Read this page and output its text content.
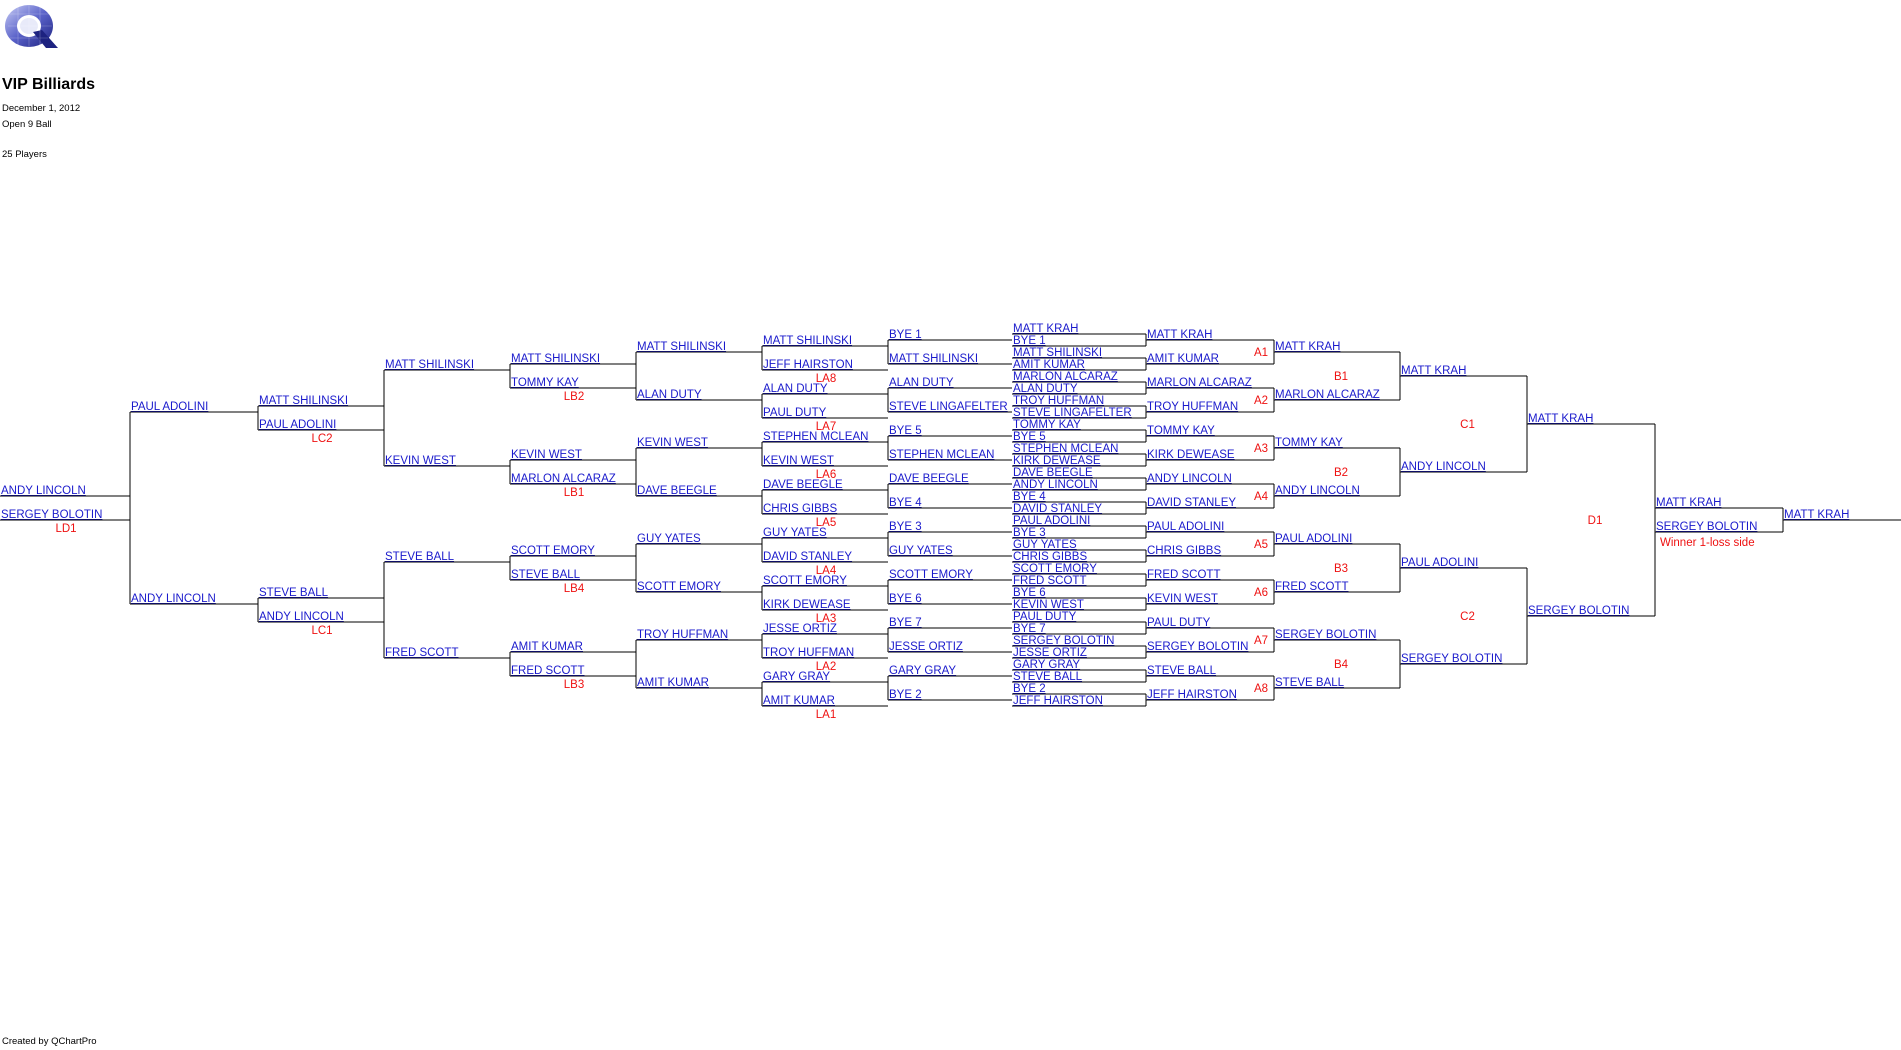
VIP Billiards
December 1, 2012
Open 9 Ball
25 Players
MATT KRAH
BYE 1
MATT SHILINSKI
AMIT KUMAR
MARLON ALCARAZ
ALAN DUTY
TROY HUFFMAN
STEVE LINGAFELTER
TOMMY KAY
BYE 5
STEPHEN MCLEAN
KIRK DEWEASE
DAVE BEEGLE
ANDY LINCOLN
BYE 4
DAVID STANLEY
PAUL ADOLINI
BYE 3
GUY YATES
CHRIS GIBBS
SCOTT EMORY
FRED SCOTT
BYE 6
KEVIN WEST
PAUL DUTY
BYE 7
SERGEY BOLOTIN
JESSE ORTIZ
GARY GRAY
STEVE BALL
BYE 2
JEFF HAIRSTON
MATT KRAH
AMIT KUMAR
MARLON ALCARAZ
TROY HUFFMAN
TOMMY KAY
KIRK DEWEASE
ANDY LINCOLN
DAVID STANLEY
PAUL ADOLINI
CHRIS GIBBS
FRED SCOTT
KEVIN WEST
PAUL DUTY
SERGEY BOLOTIN
STEVE BALL
JEFF HAIRSTON
A1
A2
A3
A4
A5
A6
A7
A8
MATT KRAH
MARLON ALCARAZ
TOMMY KAY
ANDY LINCOLN
PAUL ADOLINI
FRED SCOTT
SERGEY BOLOTIN
STEVE BALL
B1
B2
B3
B4
MATT KRAH
ANDY LINCOLN
PAUL ADOLINI
SERGEY BOLOTIN
C1
C2
MATT KRAH
SERGEY BOLOTIN
D1
MATT KRAH
SERGEY BOLOTIN
Winner 1-loss side
MATT KRAH
BYE 1
MATT SHILINSKI
ALAN DUTY
STEVE LINGAFELTER
BYE 5
STEPHEN MCLEAN
DAVE BEEGLE
BYE 4
BYE 3
GUY YATES
SCOTT EMORY
BYE 6
BYE 7
JESSE ORTIZ
GARY GRAY
BYE 2
MATT SHILINSKI
JEFF HAIRSTON
LA8
ALAN DUTY
PAUL DUTY
LA7
STEPHEN MCLEAN
KEVIN WEST
LA6
DAVE BEEGLE
CHRIS GIBBS
LA5
GUY YATES
DAVID STANLEY
LA4
SCOTT EMORY
KIRK DEWEASE
LA3
JESSE ORTIZ
TROY HUFFMAN
LA2
GARY GRAY
AMIT KUMAR
LA1
MATT SHILINSKI
ALAN DUTY
KEVIN WEST
DAVE BEEGLE
GUY YATES
SCOTT EMORY
TROY HUFFMAN
AMIT KUMAR
MATT SHILINSKI
TOMMY KAY
LB2
KEVIN WEST
MARLON ALCARAZ
LB1
SCOTT EMORY
STEVE BALL
LB4
AMIT KUMAR
FRED SCOTT
LB3
MATT SHILINSKI
KEVIN WEST
STEVE BALL
FRED SCOTT
MATT SHILINSKI
PAUL ADOLINI
LC2
STEVE BALL
ANDY LINCOLN
LC1
PAUL ADOLINI
ANDY LINCOLN
ANDY LINCOLN
SERGEY BOLOTIN
LD1
Created by QChartPro
